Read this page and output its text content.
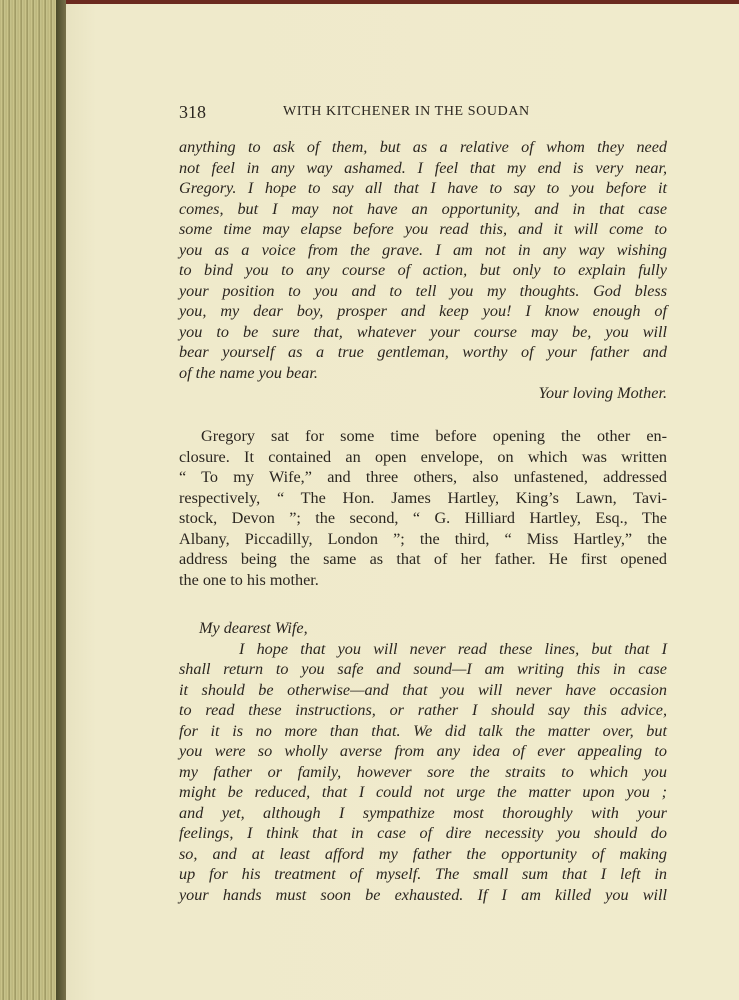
318	WITH KITCHENER IN THE SOUDAN
anything to ask of them, but as a relative of whom they need
not feel in any way ashamed. I feel that my end is very near,
Gregory. I hope to say all that I have to say to you before it
comes, but I may not have an opportunity, and in that case
some time may elapse before you read this, and it will come to
you as a voice from the grave. I am not in any way wishing
to bind you to any course of action, but only to explain fully
your position to you and to tell you my thoughts. God bless
you, my dear boy, prosper and keep you! I know enough of
you to be sure that, whatever your course may be, you will
bear yourself as a true gentleman, worthy of your father and
of the name you bear.
Your loving Mother.
Gregory sat for some time before opening the other en-
closure. It contained an open envelope, on which was written
“ To my Wife,” and three others, also unfastened, addressed
respectively, “ The Hon. James Hartley, King’s Lawn, Tavi-
stock, Devon ”; the second, “ G. Hilliard Hartley, Esq., The
Albany, Piccadilly, London ”; the third, “ Miss Hartley,” the
address being the same as that of her father. He first opened
the one to his mother.
My dearest Wife,
I hope that you will never read these lines, but that I
shall return to you safe and sound—I am writing this in case
it should be otherwise—and that you will never have occasion
to read these instructions, or rather I should say this advice,
for it is no more than that. We did talk the matter over, but
you were so wholly averse from any idea of ever appealing to
my father or family, however sore the straits to which you
might be reduced, that I could not urge the matter upon you ;
and yet, although I sympathize most thoroughly with your
feelings, I think that in case of dire necessity you should do
so, and at least afford my father the opportunity of making
up for his treatment of myself. The small sum that I left in
your hands must soon be exhausted. If I am killed you will
